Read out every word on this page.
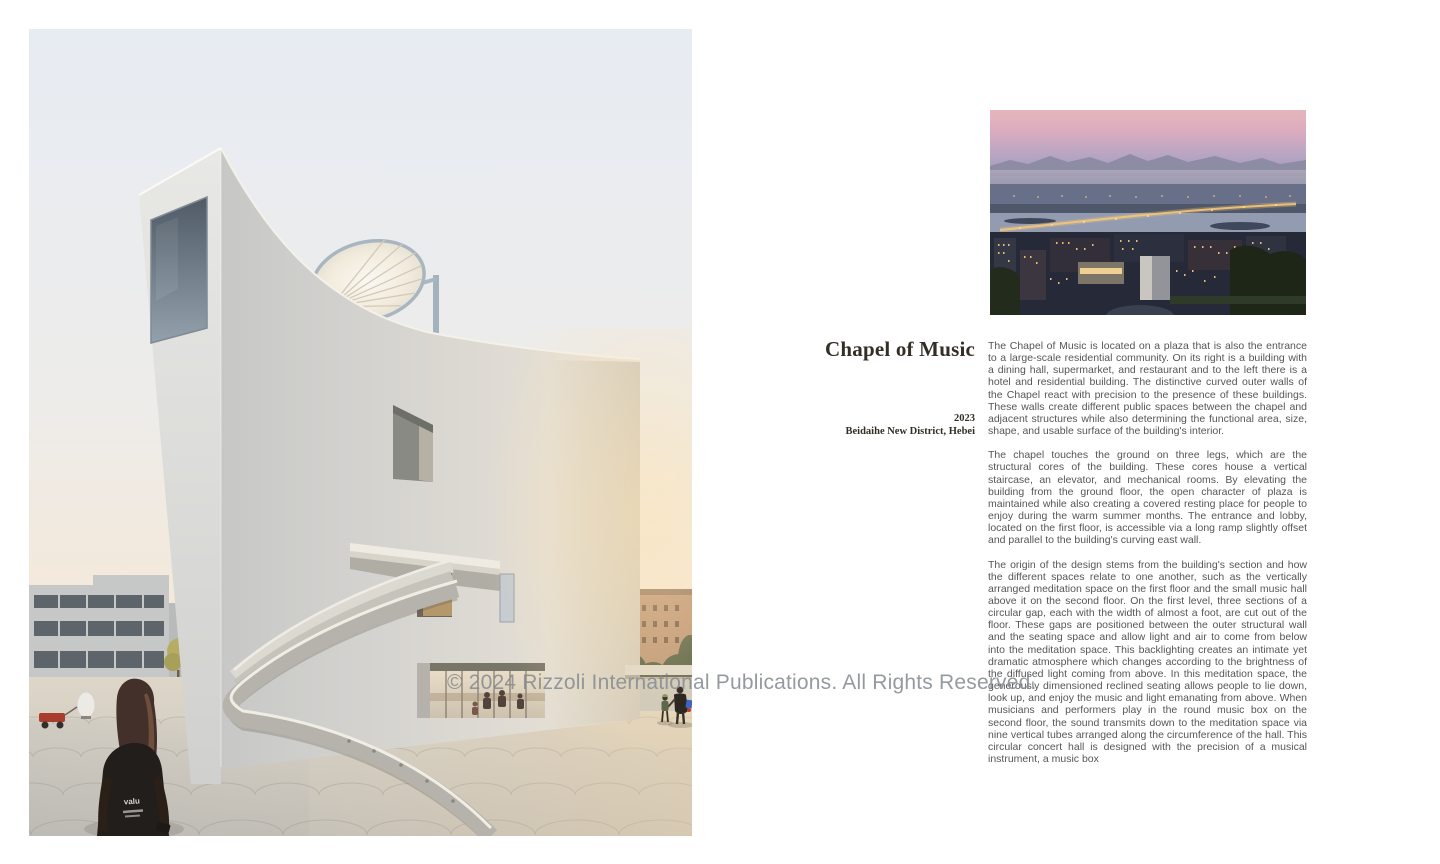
valu
Chapel of Music
2023
Beidaihe New District, Hebei

The Chapel of Music is located on a plaza that is also the entrance to a large-scale residential community. On its right is a building with a dining hall, supermarket, and restaurant and to the left there is a hotel and residential building. The distinctive curved outer walls of the Chapel react with precision to the presence of these buildings. These walls create different public spaces between the chapel and adjacent structures while also determining the functional area, size, shape, and usable surface of the building's interior.

The chapel touches the ground on three legs, which are the structural cores of the building. These cores house a vertical staircase, an elevator, and mechanical rooms. By elevating the building from the ground floor, the open character of plaza is maintained while also creating a covered resting place for people to enjoy during the warm summer months. The entrance and lobby, located on the first floor, is accessible via a long ramp slightly offset and parallel to the building's curving east wall.

The origin of the design stems from the building's section and how the different spaces relate to one another, such as the vertically arranged meditation space on the first floor and the small music hall above it on the second floor. On the first level, three sections of a circular gap, each with the width of almost a foot, are cut out of the floor. These gaps are positioned between the outer structural wall and the seating space and allow light and air to come from below into the meditation space. This backlighting creates an intimate yet dramatic atmosphere which changes according to the brightness of the diffused light coming from above. In this meditation space, the generously dimensioned reclined seating allows people to lie down, look up, and enjoy the music and light emanating from above. When musicians and performers play in the round music box on the second floor, the sound transmits down to the meditation space via nine vertical tubes arranged along the circumference of the hall. This circular concert hall is designed with the precision of a musical instrument, a music box

© 2024 Rizzoli International Publications. All Rights Reserved.
